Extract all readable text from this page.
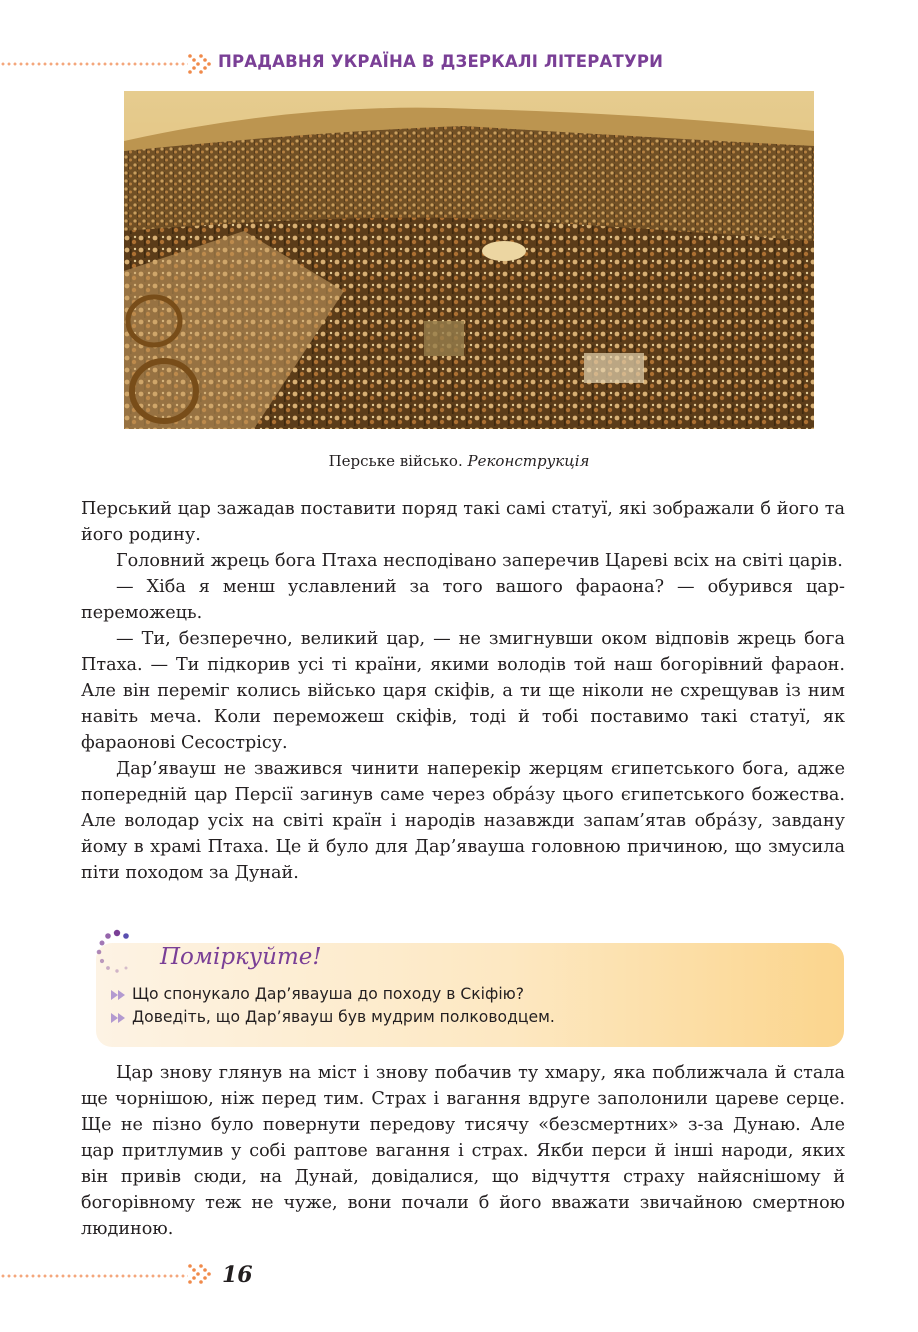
ПРАДАВНЯ УКРАЇНА В ДЗЕРКАЛІ ЛІТЕРАТУРИ
Перське військо. Реконструкція

Перський цар зажадав поставити поряд такі самі статуї, які зображали б його та його родину.

Головний жрець бога Птаха несподівано заперечив Цареві всіх на світі царів.

— Хіба я менш уславлений за того вашого фараона? — обурився цар-переможець.

— Ти, безперечно, великий цар, — не змигнувши оком відповів жрець бога Птаха. — Ти підкорив усі ті країни, якими володів той наш богорівний фараон. Але він переміг колись військо царя скіфів, а ти ще ніколи не схрещував із ним навіть меча. Коли переможеш скіфів, тоді й тобі поставимо такі статуї, як фараонові Сесострісу.

Дар’явауш не зважився чинити наперекір жерцям єгипетського бога, адже попередній цар Персії загинув саме через обра́зу цього єгипетського божества. Але володар усіх на світі країн і народів назавжди запам’ятав обра́зу, завдану йому в храмі Птаха. Це й було для Дар’явауша головною причиною, що змусила піти походом за Дунай.

Поміркуйте!
Що спонукало Дар’явауша до походу в Скіфію?
Доведіть, що Дар’явауш був мудрим полководцем.

Цар знову глянув на міст і знову побачив ту хмару, яка поближчала й стала ще чорнішою, ніж перед тим. Страх і вагання вдруге заполонили цареве серце. Ще не пізно було повернути передову тисячу «безсмертних» з-за Дунаю. Але цар притлумив у собі раптове вагання і страх. Якби перси й інші народи, яких він привів сюди, на Дунай, довідалися, що відчуття страху найяснішому й богорівному теж не чуже, вони почали б його вважати звичайною смертною людиною.

16
